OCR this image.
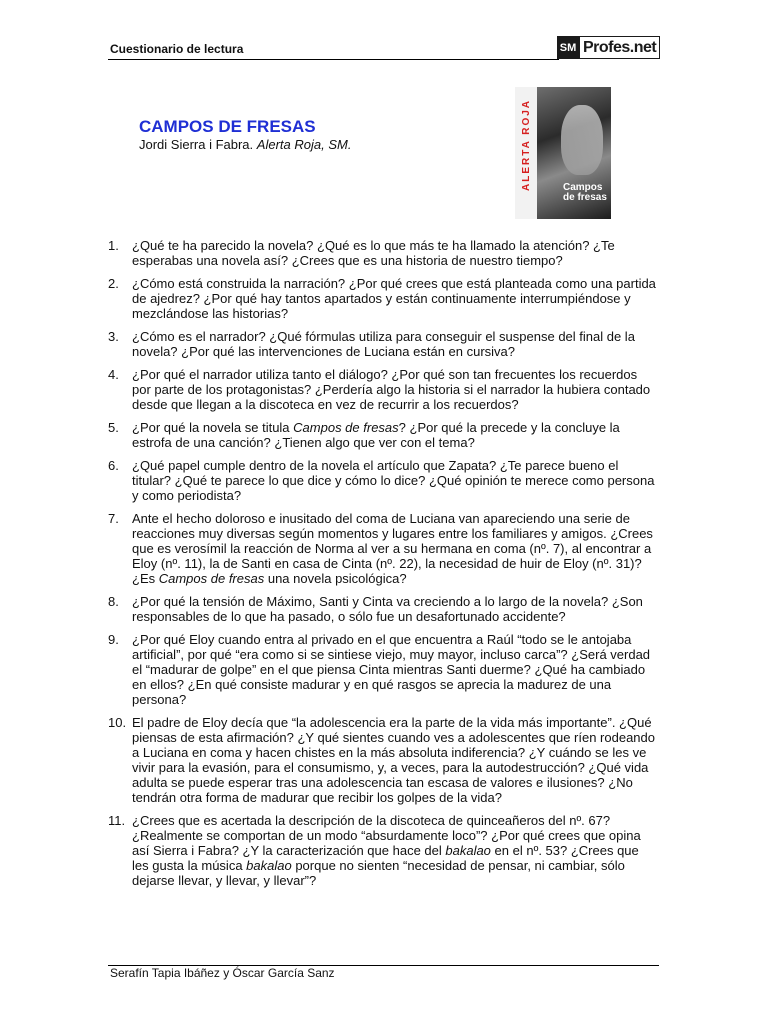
Cuestionario de lectura	SM Profes.net
CAMPOS DE FRESAS
Jordi Sierra i Fabra. Alerta Roja, SM.	ALERTA ROJA	Campos
de fresas
1.	¿Qué te ha parecido la novela? ¿Qué es lo que más te ha llamado la atención? ¿Te esperabas una novela así? ¿Crees que es una historia de nuestro tiempo?
2.	¿Cómo está construida la narración? ¿Por qué crees que está planteada como una partida de ajedrez? ¿Por qué hay tantos apartados y están continuamente interrumpiéndose y mezclándose las historias?
3.	¿Cómo es el narrador? ¿Qué fórmulas utiliza para conseguir el suspense del final de la novela? ¿Por qué las intervenciones de Luciana están en cursiva?
4.	¿Por qué el narrador utiliza tanto el diálogo? ¿Por qué son tan frecuentes los recuerdos por parte de los protagonistas? ¿Perdería algo la historia si el narrador la hubiera contado desde que llegan a la discoteca en vez de recurrir a los recuerdos?
5.	¿Por qué la novela se titula Campos de fresas? ¿Por qué la precede y la concluye la estrofa de una canción? ¿Tienen algo que ver con el tema?
6.	¿Qué papel cumple dentro de la novela el artículo que Zapata? ¿Te parece bueno el titular? ¿Qué te parece lo que dice y cómo lo dice? ¿Qué opinión te merece como persona y como periodista?
7.	Ante el hecho doloroso e inusitado del coma de Luciana van apareciendo una serie de reacciones muy diversas según momentos y lugares entre los familiares y amigos. ¿Crees que es verosímil la reacción de Norma al ver a su hermana en coma (nº. 7), al encontrar a Eloy (nº. 11), la de Santi en casa de Cinta (nº. 22), la necesidad de huir de Eloy (nº. 31)? ¿Es Campos de fresas una novela psicológica?
8.	¿Por qué la tensión de Máximo, Santi y Cinta va creciendo a lo largo de la novela? ¿Son responsables de lo que ha pasado, o sólo fue un desafortunado accidente?
9.	¿Por qué Eloy cuando entra al privado en el que encuentra a Raúl “todo se le antojaba artificial”, por qué “era como si se sintiese viejo, muy mayor, incluso carca”? ¿Será verdad el “madurar de golpe” en el que piensa Cinta mientras Santi duerme? ¿Qué ha cambiado en ellos? ¿En qué consiste madurar y en qué rasgos se aprecia la madurez de una persona?
10. El padre de Eloy decía que “la adolescencia era la parte de la vida más importante”. ¿Qué piensas de esta afirmación? ¿Y qué sientes cuando ves a adolescentes que ríen rodeando a Luciana en coma y hacen chistes en la más absoluta indiferencia? ¿Y cuándo se les ve vivir para la evasión, para el consumismo, y, a veces, para la autodestrucción? ¿Qué vida adulta se puede esperar tras una adolescencia tan escasa de valores e ilusiones? ¿No tendrán otra forma de madurar que recibir los golpes de la vida?
11. ¿Crees que es acertada la descripción de la discoteca de quinceañeros del nº. 67? ¿Realmente se comportan de un modo “absurdamente loco”? ¿Por qué crees que opina así Sierra i Fabra? ¿Y la caracterización que hace del bakalao en el nº. 53? ¿Crees que les gusta la música bakalao porque no sienten “necesidad de pensar, ni cambiar, sólo dejarse llevar, y llevar, y llevar”?
Serafín Tapia Ibáñez y Óscar García Sanz
